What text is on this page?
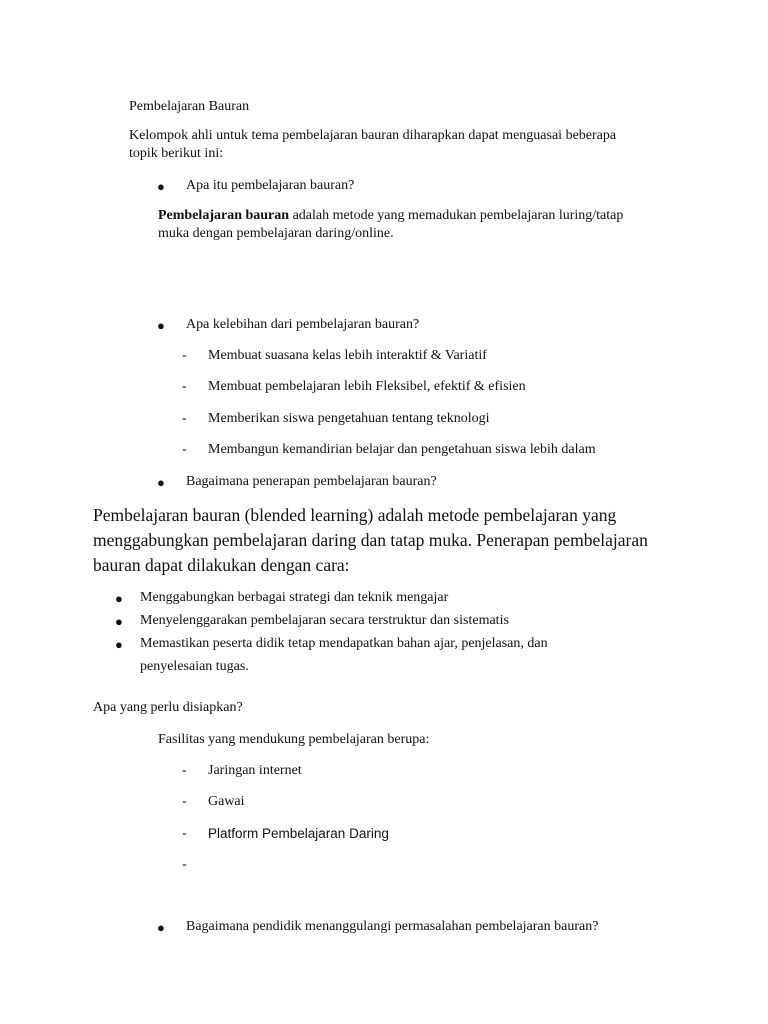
Pembelajaran Bauran
Kelompok ahli untuk tema pembelajaran bauran diharapkan dapat menguasai beberapa
topik berikut ini:
● Apa itu pembelajaran bauran?
Pembelajaran bauran adalah metode yang memadukan pembelajaran luring/tatap
muka dengan pembelajaran daring/online.
● Apa kelebihan dari pembelajaran bauran?
- Membuat suasana kelas lebih interaktif & Variatif
- Membuat pembelajaran lebih Fleksibel, efektif & efisien
- Memberikan siswa pengetahuan tentang teknologi
- Membangun kemandirian belajar dan pengetahuan siswa lebih dalam
● Bagaimana penerapan pembelajaran bauran?
Pembelajaran bauran (blended learning) adalah metode pembelajaran yang
menggabungkan pembelajaran daring dan tatap muka. Penerapan pembelajaran
bauran dapat dilakukan dengan cara:
● Menggabungkan berbagai strategi dan teknik mengajar
● Menyelenggarakan pembelajaran secara terstruktur dan sistematis
● Memastikan peserta didik tetap mendapatkan bahan ajar, penjelasan, dan
penyelesaian tugas.
Apa yang perlu disiapkan?
Fasilitas yang mendukung pembelajaran berupa:
- Jaringan internet
- Gawai
- Platform Pembelajaran Daring
-
● Bagaimana pendidik menanggulangi permasalahan pembelajaran bauran?
